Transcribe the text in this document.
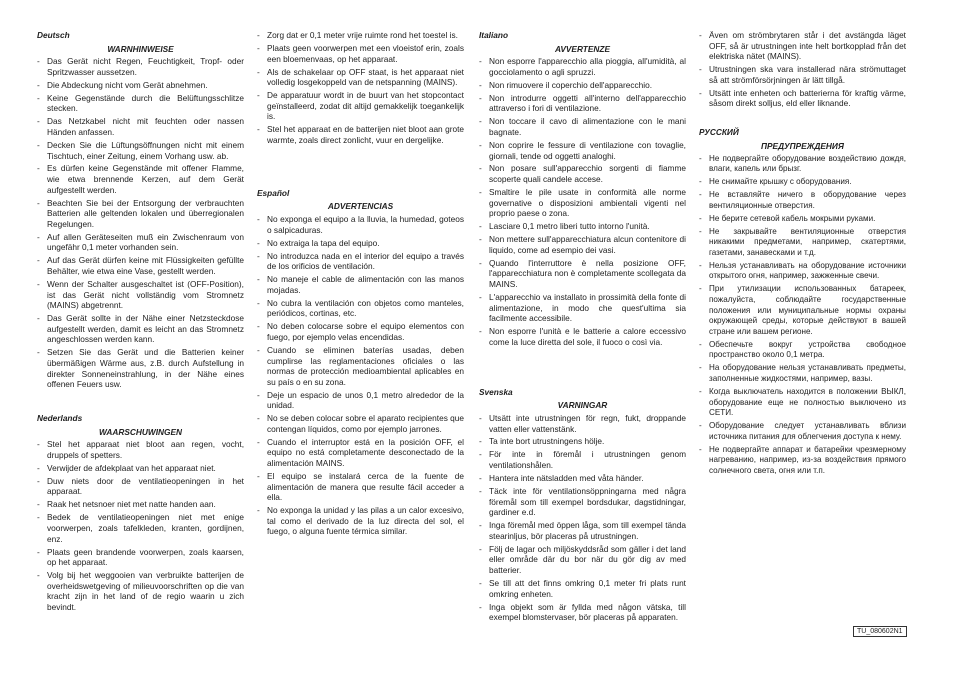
Deutsch
WARNHINWEISE
- Das Gerät nicht Regen, Feuchtigkeit, Tropf- oder Spritzwasser aussetzen.
- Die Abdeckung nicht vom Gerät abnehmen.
- Keine Gegenstände durch die Belüftungsschlitze stecken.
- Das Netzkabel nicht mit feuchten oder nassen Händen anfassen.
- Decken Sie die Lüftungsöffnungen nicht mit einem Tischtuch, einer Zeitung, einem Vorhang usw. ab.
- Es dürfen keine Gegenstände mit offener Flamme, wie etwa brennende Kerzen, auf dem Gerät aufgestellt werden.
- Beachten Sie bei der Entsorgung der verbrauchten Batterien alle geltenden lokalen und überregionalen Regelungen.
- Auf allen Geräteseiten muß ein Zwischenraum von ungefähr 0,1 meter vorhanden sein.
- Auf das Gerät dürfen keine mit Flüssigkeiten gefüllte Behälter, wie etwa eine Vase, gestellt werden.
- Wenn der Schalter ausgeschaltet ist (OFF-Position), ist das Gerät nicht vollständig vom Stromnetz (MAINS) abgetrennt.
- Das Gerät sollte in der Nähe einer Netzsteckdose aufgestellt werden, damit es leicht an das Stromnetz angeschlossen werden kann.
- Setzen Sie das Gerät und die Batterien keiner übermäßigen Wärme aus, z.B. durch Aufstellung in direkter Sonneneinstrahlung, in der Nähe eines offenen Feuers usw.
Nederlands
WAARSCHUWINGEN
- Stel het apparaat niet bloot aan regen, vocht, druppels of spetters.
- Verwijder de afdekplaat van het apparaat niet.
- Duw niets door de ventilatieopeningen in het apparaat.
- Raak het netsnoer niet met natte handen aan.
- Bedek de ventilatieopeningen niet met enige voorwerpen, zoals tafelkleden, kranten, gordijnen, enz.
- Plaats geen brandende voorwerpen, zoals kaarsen, op het apparaat.
- Volg bij het weggooien van verbruikte batterijen de overheidswetgeving of milieuvoorschriften op die van kracht zijn in het land of de regio waarin u zich bevindt.
- Zorg dat er 0,1 meter vrije ruimte rond het toestel is.
- Plaats geen voorwerpen met een vloeistof erin, zoals een bloemenvaas, op het apparaat.
- Als de schakelaar op OFF staat, is het apparaat niet volledig losgekoppeld van de netspanning (MAINS).
- De apparatuur wordt in de buurt van het stopcontact geïnstalleerd, zodat dit altijd gemakkelijk toegankelijk is.
- Stel het apparaat en de batterijen niet bloot aan grote warmte, zoals direct zonlicht, vuur en dergelijke.
Español
ADVERTENCIAS
- No exponga el equipo a la lluvia, la humedad, goteos o salpicaduras.
- No extraiga la tapa del equipo.
- No introduzca nada en el interior del equipo a través de los orificios de ventilación.
- No maneje el cable de alimentación con las manos mojadas.
- No cubra la ventilación con objetos como manteles, periódicos, cortinas, etc.
- No deben colocarse sobre el equipo elementos con fuego, por ejemplo velas encendidas.
- Cuando se eliminen baterías usadas, deben cumplirse las reglamentaciones oficiales o las normas de protección medioambiental aplicables en su país o en su zona.
- Deje un espacio de unos 0,1 metro alrededor de la unidad.
- No se deben colocar sobre el aparato recipientes que contengan líquidos, como por ejemplo jarrones.
- Cuando el interruptor está en la posición OFF, el equipo no está completamente desconectado de la alimentación MAINS.
- El equipo se instalará cerca de la fuente de alimentación de manera que resulte fácil acceder a ella.
- No exponga la unidad y las pilas a un calor excesivo, tal como el derivado de la luz directa del sol, el fuego, o alguna fuente térmica similar.
Italiano
AVVERTENZE
- Non esporre l'apparecchio alla pioggia, all'umidità, al gocciolamento o agli spruzzi.
- Non rimuovere il coperchio dell'apparecchio.
- Non introdurre oggetti all'interno dell'apparecchio attraverso i fori di ventilazione.
- Non toccare il cavo di alimentazione con le mani bagnate.
- Non coprire le fessure di ventilazione con tovaglie, giornali, tende od oggetti analoghi.
- Non posare sull'apparecchio sorgenti di fiamme scoperte quali candele accese.
- Smaltire le pile usate in conformità alle norme governative o disposizioni ambientali vigenti nel proprio paese o zona.
- Lasciare 0,1 metro liberi tutto intorno l'unità.
- Non mettere sull'apparecchiatura alcun contenitore di liquido, come ad esempio dei vasi.
- Quando l'interruttore è nella posizione OFF, l'apparecchiatura non è completamente scollegata da MAINS.
- L'apparecchio va installato in prossimità della fonte di alimentazione, in modo che quest'ultima sia facilmente accessibile.
- Non esporre l'unità e le batterie a calore eccessivo come la luce diretta del sole, il fuoco o così via.
Svenska
VARNINGAR
- Utsätt inte utrustningen för regn, fukt, droppande vatten eller vattenstänk.
- Ta inte bort utrustningens hölje.
- För inte in föremål i utrustningen genom ventilationshålen.
- Hantera inte nätsladden med våta händer.
- Täck inte för ventilationsöppningarna med några föremål som till exempel bordsdukar, dagstidningar, gardiner e.d.
- Inga föremål med öppen låga, som till exempel tända stearinljus, bör placeras på utrustningen.
- Följ de lagar och miljöskyddsråd som gäller i det land eller område där du bor när du gör dig av med batterier.
- Se till att det finns omkring 0,1 meter fri plats runt omkring enheten.
- Inga objekt som är fyllda med någon vätska, till exempel blomstervaser, bör placeras på apparaten.
- Även om strömbrytaren står i det avstängda läget OFF, så är utrustningen inte helt bortkopplad från det elektriska nätet (MAINS).
- Utrustningen ska vara installerad nära strömuttaget så att strömförsörjningen är lätt tillgå.
- Utsätt inte enheten och batterierna för kraftig värme, såsom direkt solljus, eld eller liknande.
РУССКИЙ
ПРЕДУПРЕЖДЕНИЯ
- Не подвергайте оборудование воздействию дождя, влаги, капель или брызг.
- Не снимайте крышку с оборудования.
- Не вставляйте ничего в оборудование через вентиляционные отверстия.
- Не берите сетевой кабель мокрыми руками.
- Не закрывайте вентиляционные отверстия никакими предметами, например, скатертями, газетами, занавесками и т.д.
- Нельзя устанавливать на оборудование источники открытого огня, например, зажженные свечи.
- При утилизации использованных батареек, пожалуйста, соблюдайте государственные положения или муниципальные нормы охраны окружающей среды, которые действуют в вашей стране или вашем регионе.
- Обеспечьте вокруг устройства свободное пространство около 0,1 метра.
- На оборудование нельзя устанавливать предметы, заполненные жидкостями, например, вазы.
- Когда выключатель находится в положении ВЫКЛ, оборудование еще не полностью выключено из СЕТИ.
- Оборудование следует устанавливать вблизи источника питания для облегчения доступа к нему.
- Не подвергайте аппарат и батарейки чрезмерному нагреванию, например, из-за воздействия прямого солнечного света, огня или т.п.
TU_080602N1
